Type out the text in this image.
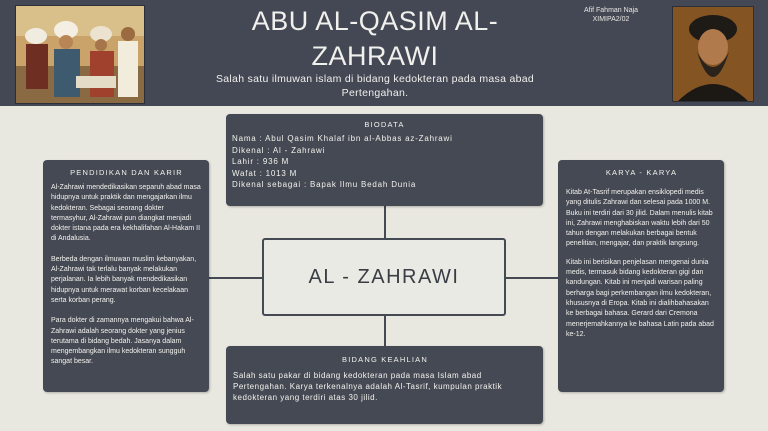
ABU AL-QASIM AL-ZAHRAWI
Salah satu ilmuwan islam di bidang kedokteran pada masa abad Pertengahan.
Afif Fahman Naja
XIMIPA2/02
BIODATA
Nama : Abul Qasim Khalaf ibn al-Abbas az-Zahrawi
Dikenal : Al - Zahrawi
Lahir : 936 M
Wafat : 1013 M
Dikenal sebagai : Bapak Ilmu Bedah Dunia
PENDIDIKAN DAN KARIR

Al-Zahrawi mendedikasikan separuh abad masa hidupnya untuk praktik dan mengajarkan ilmu kedokteran. Sebagai seorang dokter termasyhur, Al-Zahrawi pun diangkat menjadi dokter istana pada era kekhalifahan Al-Hakam II di Andalusia.

Berbeda dengan ilmuwan muslim kebanyakan, Al-Zahrawi tak terlalu banyak melakukan perjalanan. Ia lebih banyak mendedikasikan hidupnya untuk merawat korban kecelakaan serta korban perang.

Para dokter di zamannya mengakui bahwa Al-Zahrawi adalah seorang dokter yang jenius terutama di bidang bedah. Jasanya dalam mengembangkan ilmu kedokteran sungguh sangat besar.

AL - ZAHRAWI
KARYA - KARYA

Kitab At-Tasrif merupakan ensiklopedi medis yang ditulis Zahrawi dan selesai pada 1000 M. Buku ini terdiri dari 30 jilid. Dalam menulis kitab ini, Zahrawi menghabiskan waktu lebih dari 50 tahun dengan melakukan berbagai bentuk penelitian, mengajar, dan praktik langsung.

Kitab ini berisikan penjelasan mengenai dunia medis, termasuk bidang kedokteran gigi dan kandungan. Kitab ini menjadi warisan paling berharga bagi perkembangan ilmu kedokteran, khususnya di Eropa. Kitab ini dialihbahasakan ke berbagai bahasa. Gerard dari Cremona menerjemahkannya ke bahasa Latin pada abad ke-12.

BIDANG KEAHLIAN
Salah satu pakar di bidang kedokteran pada masa Islam abad Pertengahan. Karya terkenalnya adalah Al-Tasrif, kumpulan praktik kedokteran yang terdiri atas 30 jilid.
